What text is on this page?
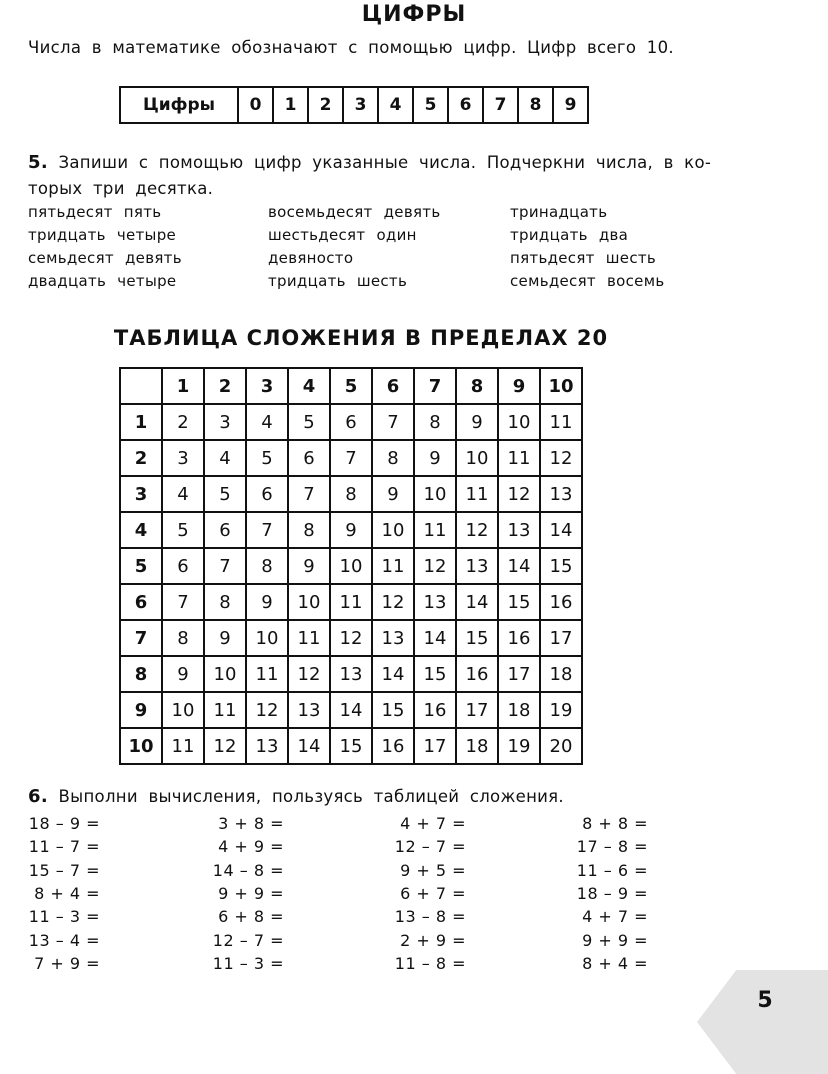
ЦИФРЫ
Числа в математике обозначают с помощью цифр. Цифр всего 10.
Цифры	0	1	2	3	4	5	6	7	8	9
5. Запиши с помощью цифр указанные числа. Подчеркни числа, в ко-
торых три десятка.
пятьдесят пять
тридцать четыре
семьдесят девять
двадцать четыре
восемьдесят девять
шестьдесят один
девяносто
тридцать шесть
тринадцать
тридцать два
пятьдесят шесть
семьдесят восемь
ТАБЛИЦА СЛОЖЕНИЯ В ПРЕДЕЛАХ 20
	1	2	3	4	5	6	7	8	9	10
1	2	3	4	5	6	7	8	9	10	11
2	3	4	5	6	7	8	9	10	11	12
3	4	5	6	7	8	9	10	11	12	13
4	5	6	7	8	9	10	11	12	13	14
5	6	7	8	9	10	11	12	13	14	15
6	7	8	9	10	11	12	13	14	15	16
7	8	9	10	11	12	13	14	15	16	17
8	9	10	11	12	13	14	15	16	17	18
9	10	11	12	13	14	15	16	17	18	19
10	11	12	13	14	15	16	17	18	19	20
6. Выполни вычисления, пользуясь таблицей сложения.
18 – 9 =
11 – 7 =
15 – 7 =
8 + 4 =
11 – 3 =
13 – 4 =
7 + 9 =
3 + 8 =
4 + 9 =
14 – 8 =
9 + 9 =
6 + 8 =
12 – 7 =
11 – 3 =
4 + 7 =
12 – 7 =
9 + 5 =
6 + 7 =
13 – 8 =
2 + 9 =
11 – 8 =
8 + 8 =
17 – 8 =
11 – 6 =
18 – 9 =
4 + 7 =
9 + 9 =
8 + 4 =
5
